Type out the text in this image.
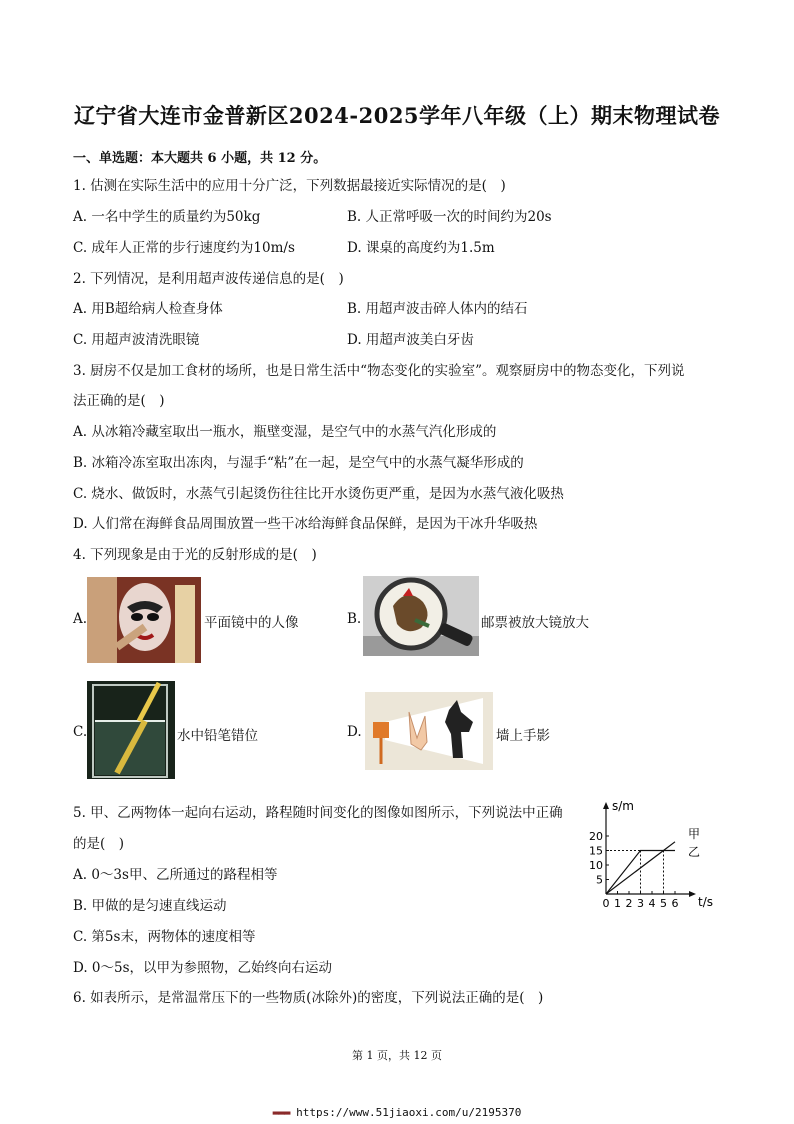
辽宁省大连市金普新区2024-2025学年八年级（上）期末物理试卷
一、单选题：本大题共 6 小题，共 12 分。
1. 估测在实际生活中的应用十分广泛，下列数据最接近实际情况的是(　)
A. 一名中学生的质量约为50kg	B. 人正常呼吸一次的时间约为20s
C. 成年人正常的步行速度约为10m/s	D. 课桌的高度约为1.5m
2. 下列情况，是利用超声波传递信息的是(　)
A. 用B超给病人检查身体	B. 用超声波击碎人体内的结石
C. 用超声波清洗眼镜	D. 用超声波美白牙齿
3. 厨房不仅是加工食材的场所，也是日常生活中“物态变化的实验室”。观察厨房中的物态变化，下列说
法正确的是(　)
A. 从冰箱冷藏室取出一瓶水，瓶壁变湿，是空气中的水蒸气汽化形成的
B. 冰箱冷冻室取出冻肉，与湿手“粘”在一起，是空气中的水蒸气凝华形成的
C. 烧水、做饭时，水蒸气引起烫伤往往比开水烫伤更严重，是因为水蒸气液化吸热
D. 人们常在海鲜食品周围放置一些干冰给海鲜食品保鲜，是因为干冰升华吸热
4. 下列现象是由于光的反射形成的是(　)
A.	平面镜中的人像	B.	邮票被放大镜放大
C.	水中铅笔错位	D.	墙上手影
5. 甲、乙两物体一起向右运动，路程随时间变化的图像如图所示，下列说法中正确
的是(　)
A. 0～3s甲、乙所通过的路程相等
B. 甲做的是匀速直线运动
C. 第5s末，两物体的速度相等
D. 0～5s，以甲为参照物，乙始终向右运动
5
10
15
20
0 1 2 3 4 5 6
s/m
t/s
甲
乙
6. 如表所示，是常温常压下的一些物质(冰除外)的密度，下列说法正确的是(　)
第 1 页，共 12 页
▬▬▬ https://www.51jiaoxi.com/u/2195370
